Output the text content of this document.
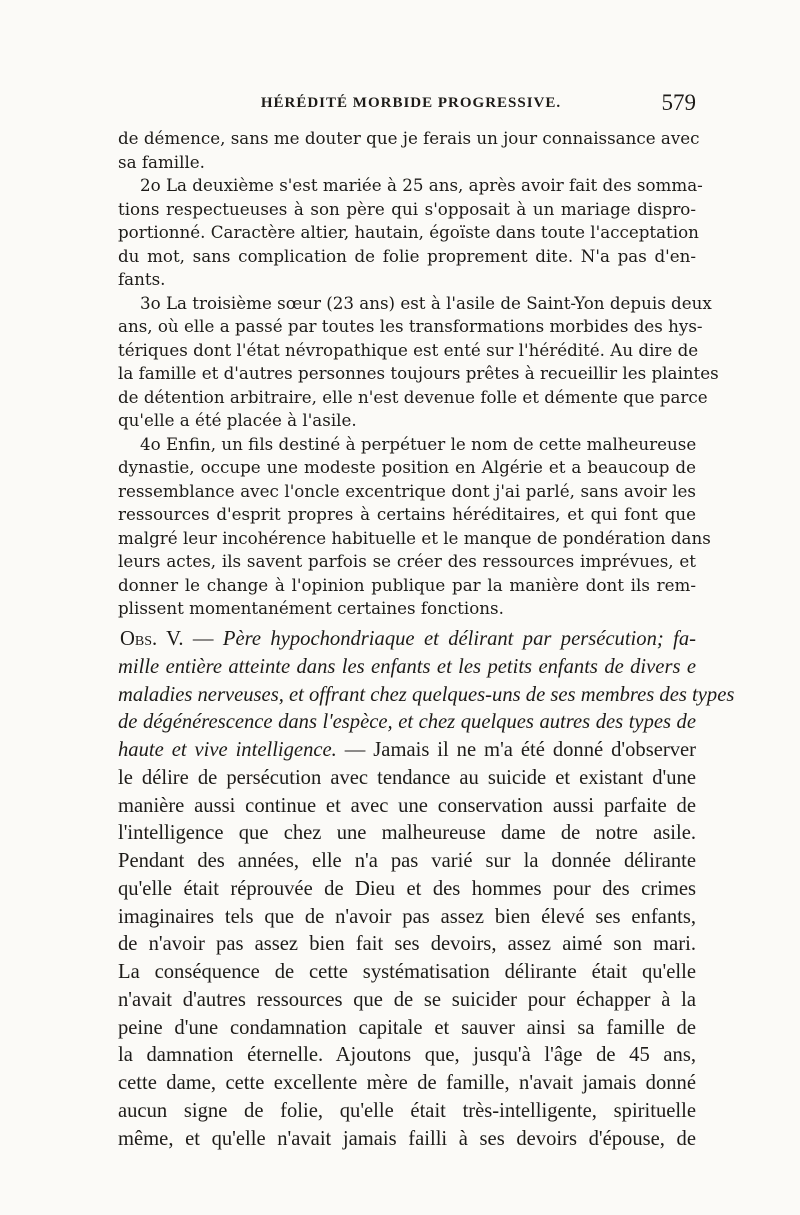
HÉRÉDITÉ MORBIDE PROGRESSIVE.	579
de démence, sans me douter que je ferais un jour connaissance avec
sa famille.
2o La deuxième s'est mariée à 25 ans, après avoir fait des somma-
tions respectueuses à son père qui s'opposait à un mariage dispro-
portionné. Caractère altier, hautain, égoïste dans toute l'acceptation
du mot, sans complication de folie proprement dite. N'a pas d'en-
fants.
3o La troisième sœur (23 ans) est à l'asile de Saint-Yon depuis deux
ans, où elle a passé par toutes les transformations morbides des hys-
tériques dont l'état névropathique est enté sur l'hérédité. Au dire de
la famille et d'autres personnes toujours prêtes à recueillir les plaintes
de détention arbitraire, elle n'est devenue folle et démente que parce
qu'elle a été placée à l'asile.
4o Enfin, un fils destiné à perpétuer le nom de cette malheureuse
dynastie, occupe une modeste position en Algérie et a beaucoup de
ressemblance avec l'oncle excentrique dont j'ai parlé, sans avoir les
ressources d'esprit propres à certains héréditaires, et qui font que
malgré leur incohérence habituelle et le manque de pondération dans
leurs actes, ils savent parfois se créer des ressources imprévues, et
donner le change à l'opinion publique par la manière dont ils rem-
plissent momentanément certaines fonctions.
Obs. V. — Père hypochondriaque et délirant par persécution; fa-
mille entière atteinte dans les enfants et les petits enfants de divers e
maladies nerveuses, et offrant chez quelques-uns de ses membres des types
de dégénérescence dans l'espèce, et chez quelques autres des types de
haute et vive intelligence. — Jamais il ne m'a été donné d'observer
le délire de persécution avec tendance au suicide et existant d'une
manière aussi continue et avec une conservation aussi parfaite de
l'intelligence que chez une malheureuse dame de notre asile.
Pendant des années, elle n'a pas varié sur la donnée délirante
qu'elle était réprouvée de Dieu et des hommes pour des crimes
imaginaires tels que de n'avoir pas assez bien élevé ses enfants,
de n'avoir pas assez bien fait ses devoirs, assez aimé son mari.
La conséquence de cette systématisation délirante était qu'elle
n'avait d'autres ressources que de se suicider pour échapper à la
peine d'une condamnation capitale et sauver ainsi sa famille de
la damnation éternelle. Ajoutons que, jusqu'à l'âge de 45 ans,
cette dame, cette excellente mère de famille, n'avait jamais donné
aucun signe de folie, qu'elle était très-intelligente, spirituelle
même, et qu'elle n'avait jamais failli à ses devoirs d'épouse, de
